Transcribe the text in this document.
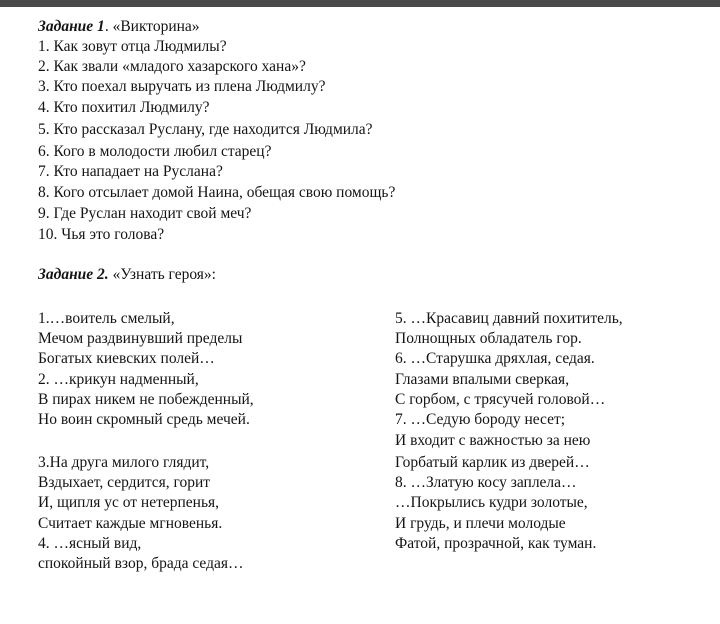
Задание 1. «Викторина»
1. Как зовут отца Людмилы?
2. Как звали «младого хазарского хана»?
3. Кто поехал выручать из плена Людмилу?
4. Кто похитил Людмилу?
5. Кто рассказал Руслану, где находится Людмила?
6. Кого в молодости любил старец?
7. Кто нападает на Руслана?
8. Кого отсылает домой Наина, обещая свою помощь?
9. Где Руслан находит свой меч?
10. Чья это голова?
Задание 2. «Узнать героя»:
1.…воитель смелый,
Мечом раздвинувший пределы
Богатых киевских полей…
2. …крикун надменный,
В пирах никем не побежденный,
Но воин скромный средь мечей.
3.На друга милого глядит,
Вздыхает, сердится, горит
И, щипля ус от нетерпенья,
Считает каждые мгновенья.
4. …ясный вид,
спокойный взор, брада седая…
5. …Красавиц давний похититель,
Полнощных обладатель гор.
6. …Старушка дряхлая, седая.
Глазами впалыми сверкая,
С горбом, с трясучей головой…
7. …Седую бороду несет;
И входит с важностью за нею
Горбатый карлик из дверей…
8. …Златую косу заплела…
…Покрылись кудри золотые,
И грудь, и плечи молодые
Фатой, прозрачной, как туман.
